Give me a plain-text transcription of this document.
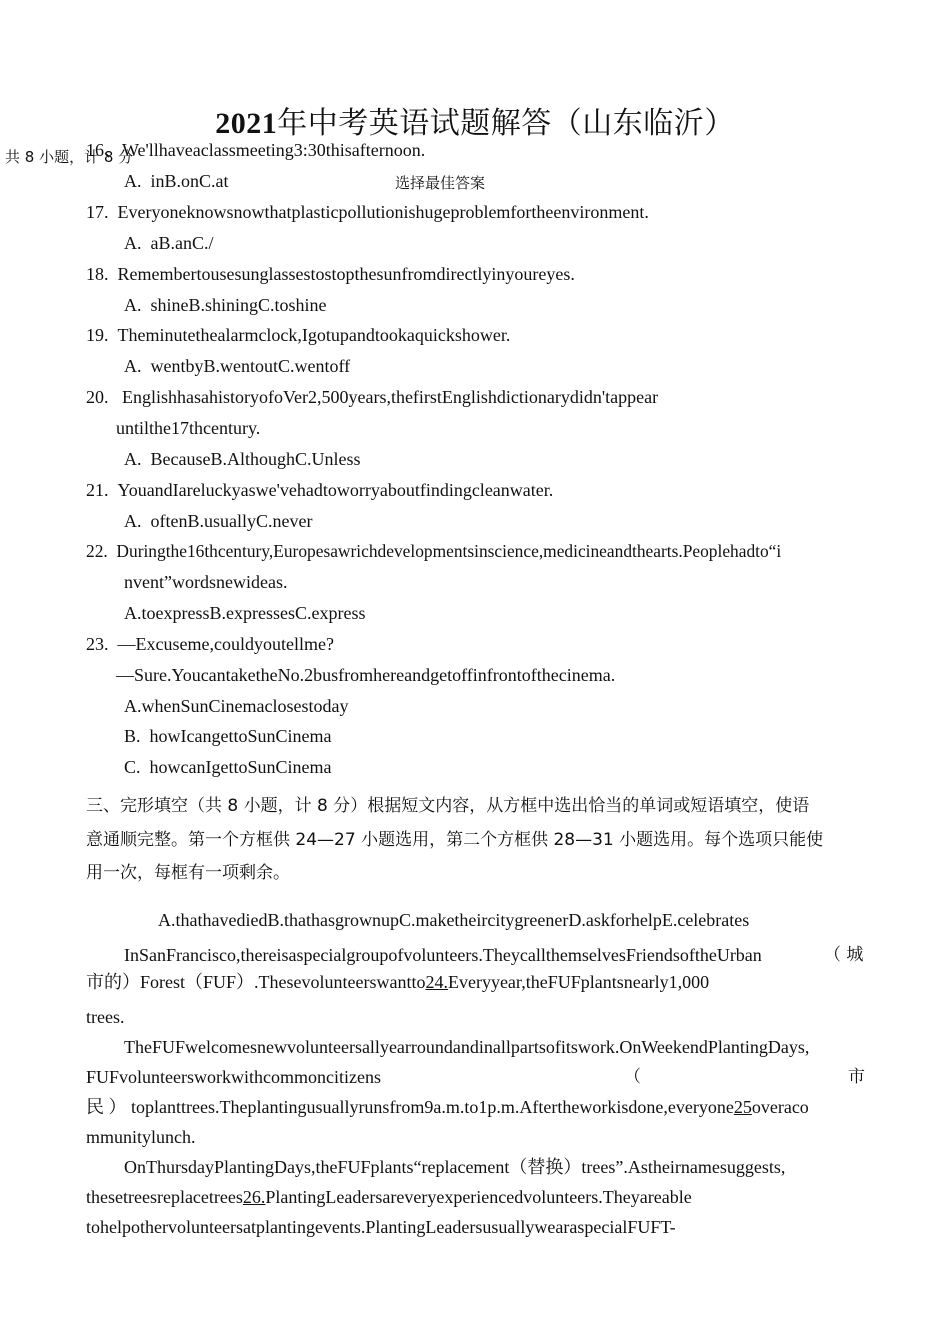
2021年中考英语试题解答（山东临沂）
共 8 小题，计 8 分
选择最佳答案
16、We'llhaveaclassmeeting3:30thisafternoon.
A.  inB.onC.at
17.  Everyoneknowsnowthatplasticpollutionishugeproblemfortheenvironment.
A.  aB.anC./
18.  Remembertousesunglassestostopthesunfromdirectlyinyoureyes.
A.  shineB.shiningC.toshine
19.  Theminutethealarmclock,Igotupandtookaquickshower.
A.  wentbyB.wentoutC.wentoff
20.   EnglishhasahistoryofoVer2,500years,thefirstEnglishdictionarydidn'tappear
untilthe17thcentury.
A.  BecauseB.AlthoughC.Unless
21.  YouandIareluckyaswe'vehadtoworryaboutfindingcleanwater.
A.  oftenB.usuallyC.never
22.  Duringthe16thcentury,Europesawrichdevelopmentsinscience,medicineandthearts.Peoplehadto“i
nvent”wordsnewideas.
A.toexpressB.expressesC.express
23.  —Excuseme,couldyoutellme?
—Sure.YoucantaketheNo.2busfromhereandgetoffinfrontofthecinema.
A.whenSunCinemaclosestoday
B.  howIcangettoSunCinema
C.  howcanIgettoSunCinema
三、完形填空（共 8 小题，计 8 分）根据短文内容，从方框中选出恰当的单词或短语填空，使语
意通顺完整。第一个方框供 24—27 小题选用，第二个方框供 28—31 小题选用。每个选项只能使
用一次，每框有一项剩余。
A.thathavediedB.thathasgrownupC.maketheircitygreenerD.askforhelpE.celebrates
InSanFrancisco,thereisaspecialgroupofvolunteers.TheycallthemselvesFriendsoftheUrban	（ 城
市的）Forest（FUF）.Thesevolunteerswantto24.Everyyear,theFUFplantsnearly1,000
trees.
TheFUFwelcomesnewvolunteersallyearroundandinallpartsofitswork.OnWeekendPlantingDays,
FUFvolunteersworkwithcommoncitizens	（	市
民 ） toplanttrees.Theplantingusuallyrunsfrom9a.m.to1p.m.Aftertheworkisdone,everyone25overaco
mmunitylunch.
OnThursdayPlantingDays,theFUFplants“replacement（替换）trees”.Astheirnamesuggests,
thesetreesreplacetrees26.PlantingLeadersareveryexperiencedvolunteers.Theyareable
tohelpothervolunteersatplantingevents.PlantingLeadersusuallywearaspecialFUFT-
